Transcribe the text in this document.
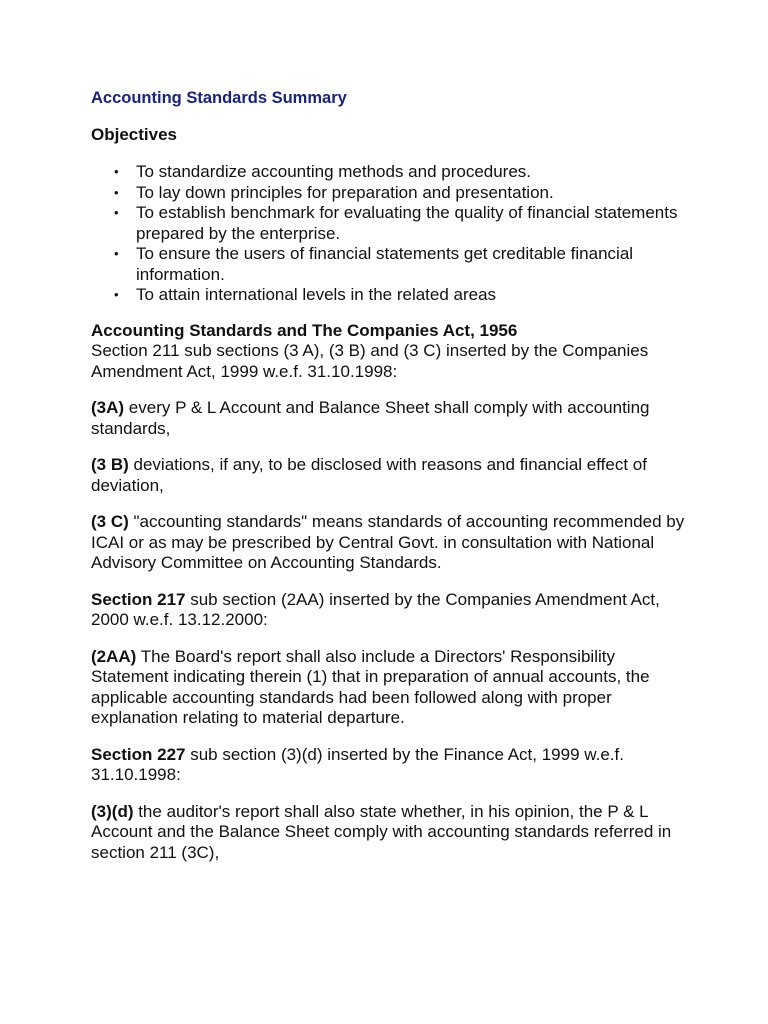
Accounting Standards Summary
Objectives
• To standardize accounting methods and procedures.
• To lay down principles for preparation and presentation.
• To establish benchmark for evaluating the quality of financial statements prepared by the enterprise.
• To ensure the users of financial statements get creditable financial information.
• To attain international levels in the related areas
Accounting Standards and The Companies Act, 1956
Section 211 sub sections (3 A), (3 B) and (3 C) inserted by the Companies Amendment Act, 1999 w.e.f. 31.10.1998:
(3A) every P & L Account and Balance Sheet shall comply with accounting standards,
(3 B) deviations, if any, to be disclosed with reasons and financial effect of deviation,
(3 C) "accounting standards" means standards of accounting recommended by ICAI or as may be prescribed by Central Govt. in consultation with National Advisory Committee on Accounting Standards.
Section 217 sub section (2AA) inserted by the Companies Amendment Act, 2000 w.e.f. 13.12.2000:
(2AA) The Board's report shall also include a Directors' Responsibility Statement indicating therein (1) that in preparation of annual accounts, the applicable accounting standards had been followed along with proper explanation relating to material departure.
Section 227 sub section (3)(d) inserted by the Finance Act, 1999 w.e.f. 31.10.1998:
(3)(d) the auditor's report shall also state whether, in his opinion, the P & L Account and the Balance Sheet comply with accounting standards referred in section 211 (3C),
